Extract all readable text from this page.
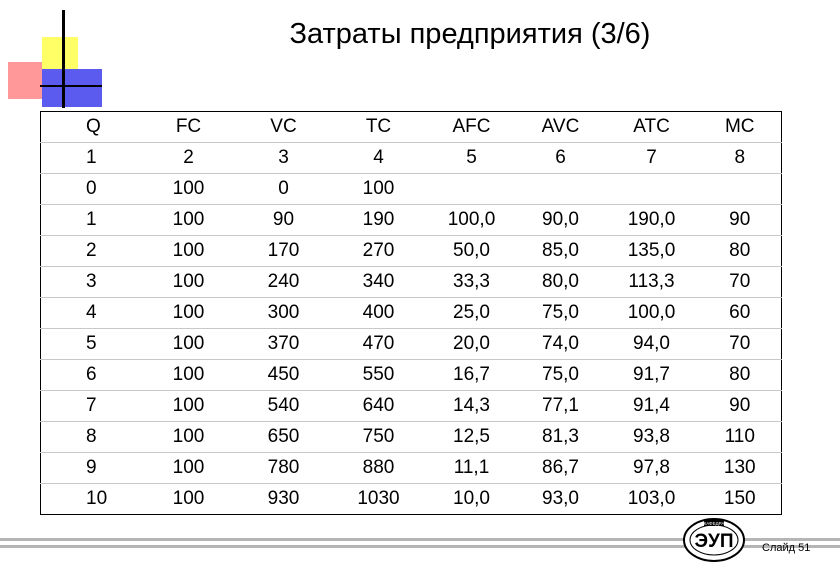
Затраты предприятия (3/6)
Q	FC	VC	TC	AFC	AVC	ATC	MC
1	2	3	4	5	6	7	8
0	100	0	100				
1	100	90	190	100,0	90,0	190,0	90
2	100	170	270	50,0	85,0	135,0	80
3	100	240	340	33,3	80,0	113,3	70
4	100	300	400	25,0	75,0	100,0	60
5	100	370	470	20,0	74,0	94,0	70
6	100	450	550	16,7	75,0	91,7	80
7	100	540	640	14,3	77,1	91,4	90
8	100	650	750	12,5	81,3	93,8	110
9	100	780	880	11,1	86,7	97,8	130
10	100	930	1030	10,0	93,0	103,0	150
КАФЕДРА
ЭУП	Слайд 51
